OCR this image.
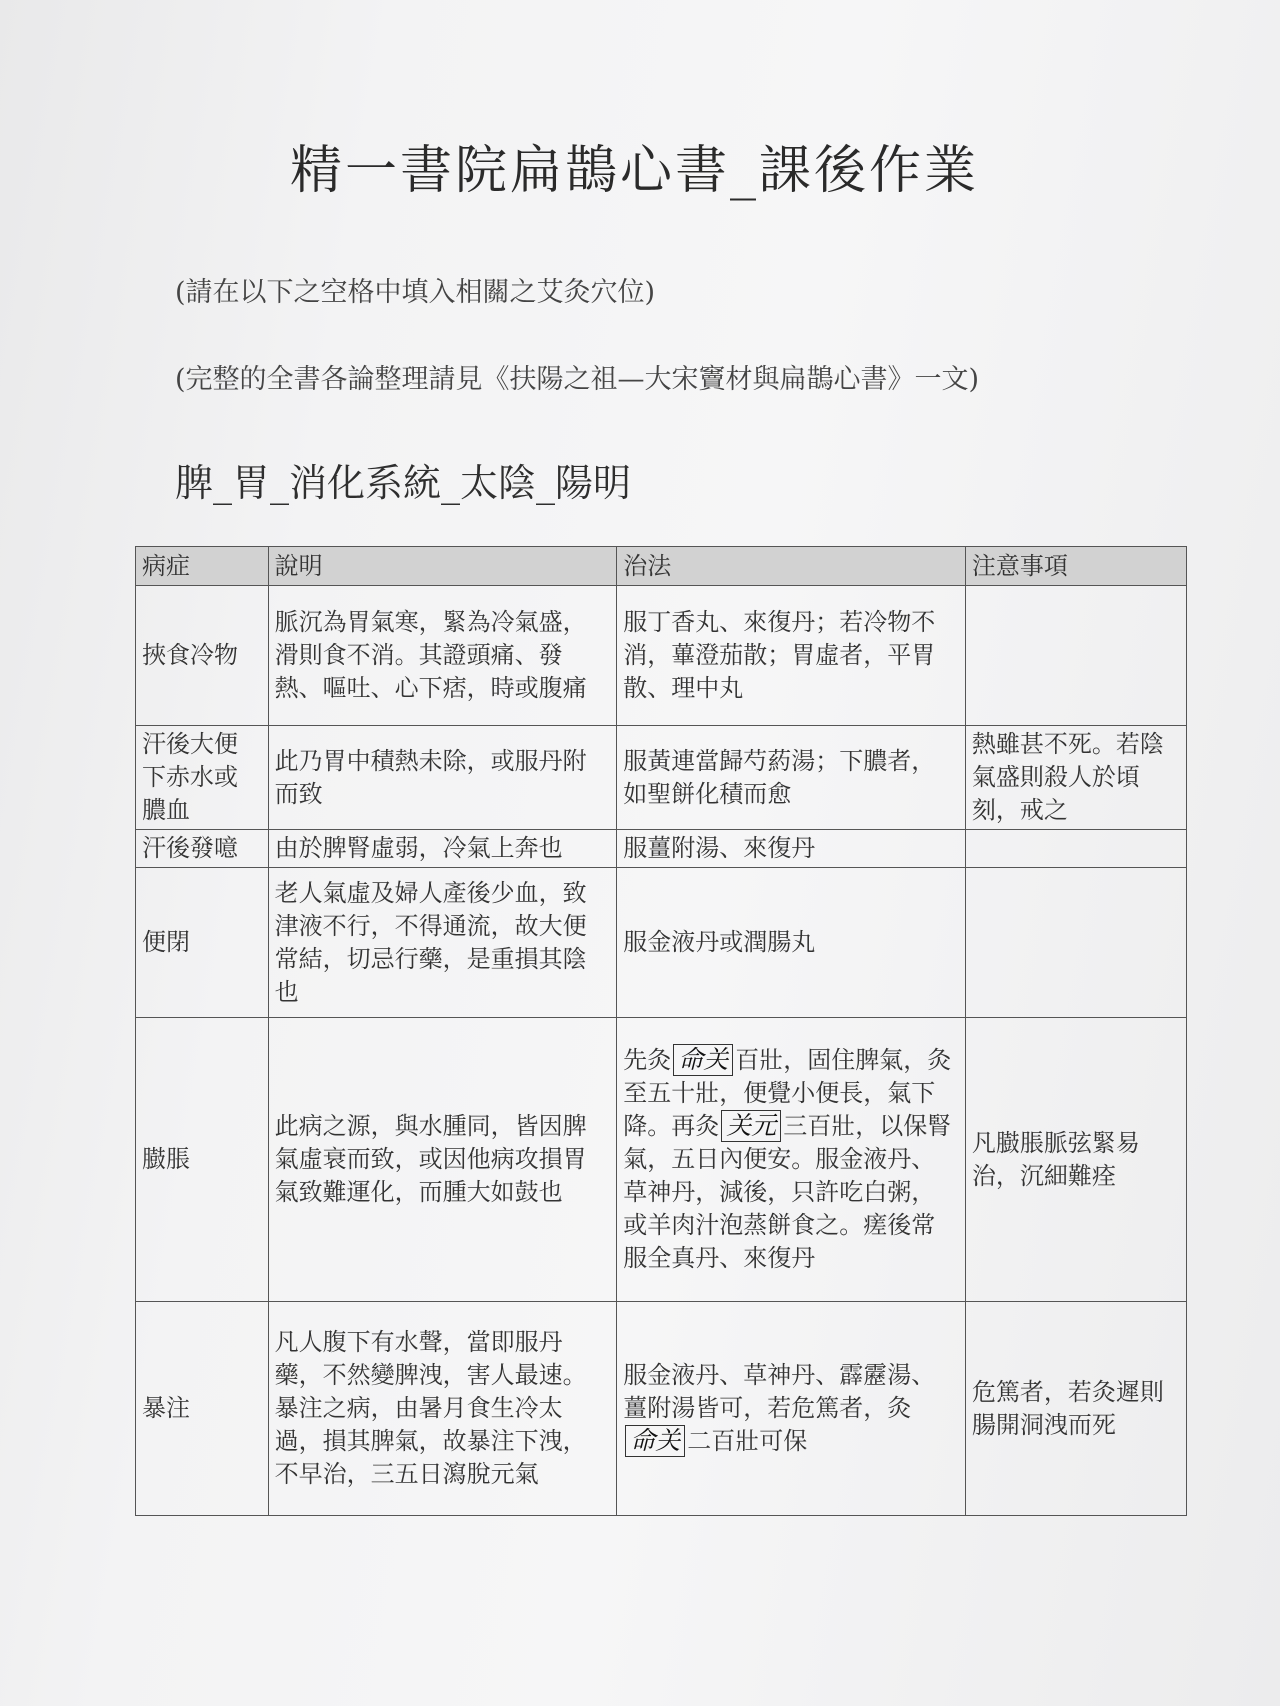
精一書院扁鵲心書_課後作業
(請在以下之空格中填入相關之艾灸穴位)
(完整的全書各論整理請見《扶陽之祖—大宋竇材與扁鵲心書》一文)
脾_胃_消化系統_太陰_陽明
病症	說明	治法	注意事項
挾食冷物	脈沉為胃氣寒，緊為冷氣盛，滑則食不消。其證頭痛、發熱、嘔吐、心下痞，時或腹痛	服丁香丸、來復丹；若冷物不消，蓽澄茄散；胃虛者，平胃散、理中丸	
汗後大便下赤水或膿血	此乃胃中積熱未除，或服丹附而致	服黃連當歸芍葯湯；下膿者，如聖餅化積而愈	熱雖甚不死。若陰氣盛則殺人於頃刻，戒之
汗後發噫	由於脾腎虛弱，冷氣上奔也	服薑附湯、來復丹	
便閉	老人氣虛及婦人產後少血，致津液不行，不得通流，故大便常結，切忌行藥，是重損其陰也	服金液丹或潤腸丸	
臌脹	此病之源，與水腫同，皆因脾氣虛衰而致，或因他病攻損胃氣致難運化，而腫大如鼓也	先灸 命关 百壯，固住脾氣，灸至五十壯，便覺小便長，氣下降。再灸 关元 三百壯，以保腎氣，五日內便安。服金液丹、草神丹，減後，只許吃白粥，或羊肉汁泡蒸餅食之。瘥後常服全真丹、來復丹	凡臌脹脈弦緊易治，沉細難痊
暴注	凡人腹下有水聲，當即服丹藥，不然變脾洩，害人最速。暴注之病，由暑月食生冷太過，損其脾氣，故暴注下洩，不早治，三五日瀉脫元氣	服金液丹、草神丹、霹靂湯、薑附湯皆可，若危篤者，灸命关 二百壯可保	危篤者，若灸遲則腸開洞洩而死
